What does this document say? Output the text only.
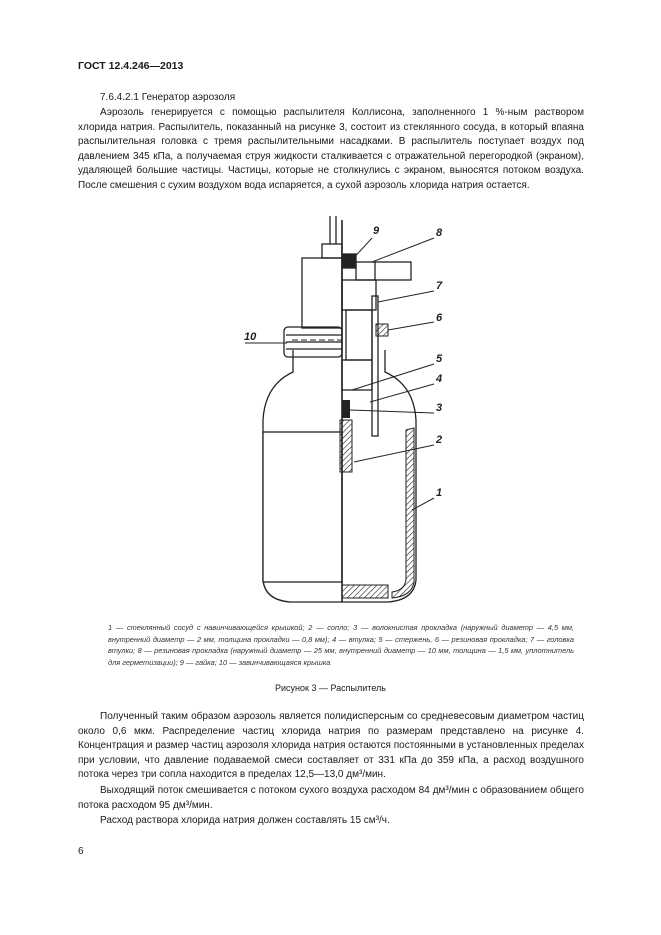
ГОСТ 12.4.246—2013

7.6.4.2.1 Генератор аэрозоля

Аэрозоль генерируется с помощью распылителя Коллисона, заполненного 1 %-ным раствором хлорида натрия. Распылитель, показанный на рисунке 3, состоит из стеклянного сосуда, в который впаяна распылительная головка с тремя распылительными насадками. В распылитель поступает воздух под давлением 345 кПа, а получаемая струя жидкости сталкивается с отражательной перегородкой (экраном), удаляющей большие частицы. Частицы, которые не столкнулись с экраном, выносятся потоком воздуха. После смешения с сухим воздухом вода испаряется, а сухой аэрозоль хлорида натрия остается.

9	8
7
6
10
5
4
3
2
1
1 — стеклянный сосуд с навинчивающейся крышкой; 2 — сопло; 3 — волокнистая прокладка (наружный диаметр — 4,5 мм, внутренний диаметр — 2 мм, толщина прокладки — 0,8 мм); 4 — втулка; 5 — стержень, 6 — резиновая прокладка; 7 — головка втулки; 8 — резиновая прокладка (наружный диаметр — 25 мм, внутренний диаметр — 10 мм, толщина — 1,5 мм, уплотнитель для герметизации); 9 — гайка; 10 — завинчивающаяся крышка
Рисунок 3 — Распылитель

Полученный таким образом аэрозоль является полидисперсным со средневесовым диаметром частиц около 0,6 мкм. Распределение частиц хлорида натрия по размерам представлено на рисунке 4. Концентрация и размер частиц аэрозоля хлорида натрия остаются постоянными в установленных пределах при условии, что давление подаваемой смеси составляет от 331 кПа до 359 кПа, а расход воздушного потока через три сопла находится в пределах 12,5—13,0 дм³/мин.

Выходящий поток смешивается с потоком сухого воздуха расходом 84 дм³/мин с образованием общего потока расходом 95 дм³/мин.

Расход раствора хлорида натрия должен составлять 15 см³/ч.

6
